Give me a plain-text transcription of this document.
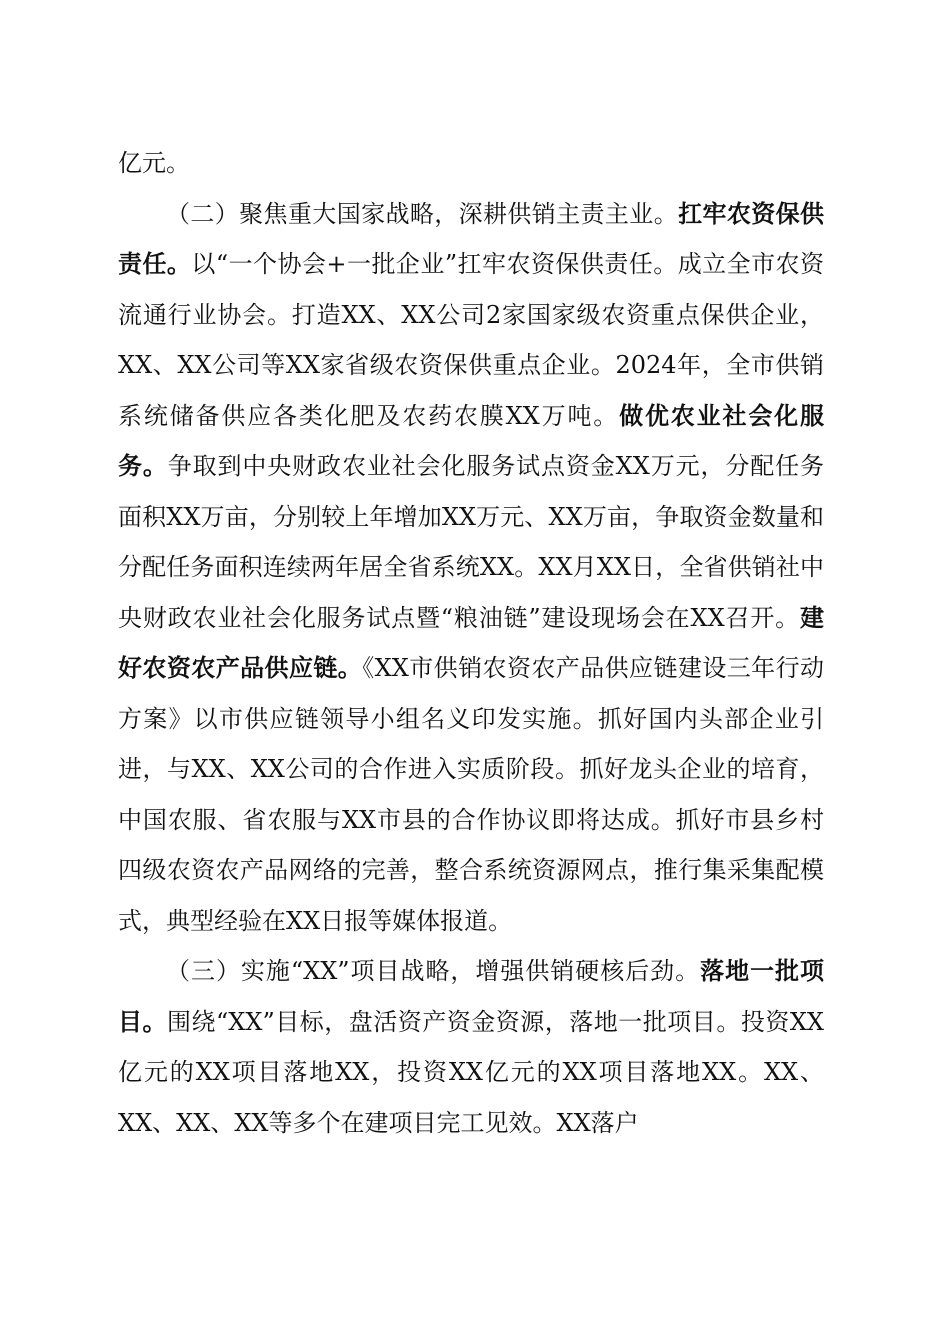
亿元。

（二）聚焦重大国家战略，深耕供销主责主业。扛牢农资保供责任。以“一个协会+一批企业”扛牢农资保供责任。成立全市农资流通行业协会。打造XX、XX公司2家国家级农资重点保供企业，XX、XX公司等XX家省级农资保供重点企业。2024年，全市供销系统储备供应各类化肥及农药农膜XX万吨。做优农业社会化服务。争取到中央财政农业社会化服务试点资金XX万元，分配任务面积XX万亩，分别较上年增加XX万元、XX万亩，争取资金数量和分配任务面积连续两年居全省系统XX。XX月XX日，全省供销社中央财政农业社会化服务试点暨“粮油链”建设现场会在XX召开。建好农资农产品供应链。《XX市供销农资农产品供应链建设三年行动方案》以市供应链领导小组名义印发实施。抓好国内头部企业引进，与XX、XX公司的合作进入实质阶段。抓好龙头企业的培育，中国农服、省农服与XX市县的合作协议即将达成。抓好市县乡村四级农资农产品网络的完善，整合系统资源网点，推行集采集配模式，典型经验在XX日报等媒体报道。

（三）实施“XX”项目战略，增强供销硬核后劲。落地一批项目。围绕“XX”目标，盘活资产资金资源，落地一批项目。投资XX亿元的XX项目落地XX，投资XX亿元的XX项目落地XX。XX、XX、XX、XX等多个在建项目完工见效。XX落户
